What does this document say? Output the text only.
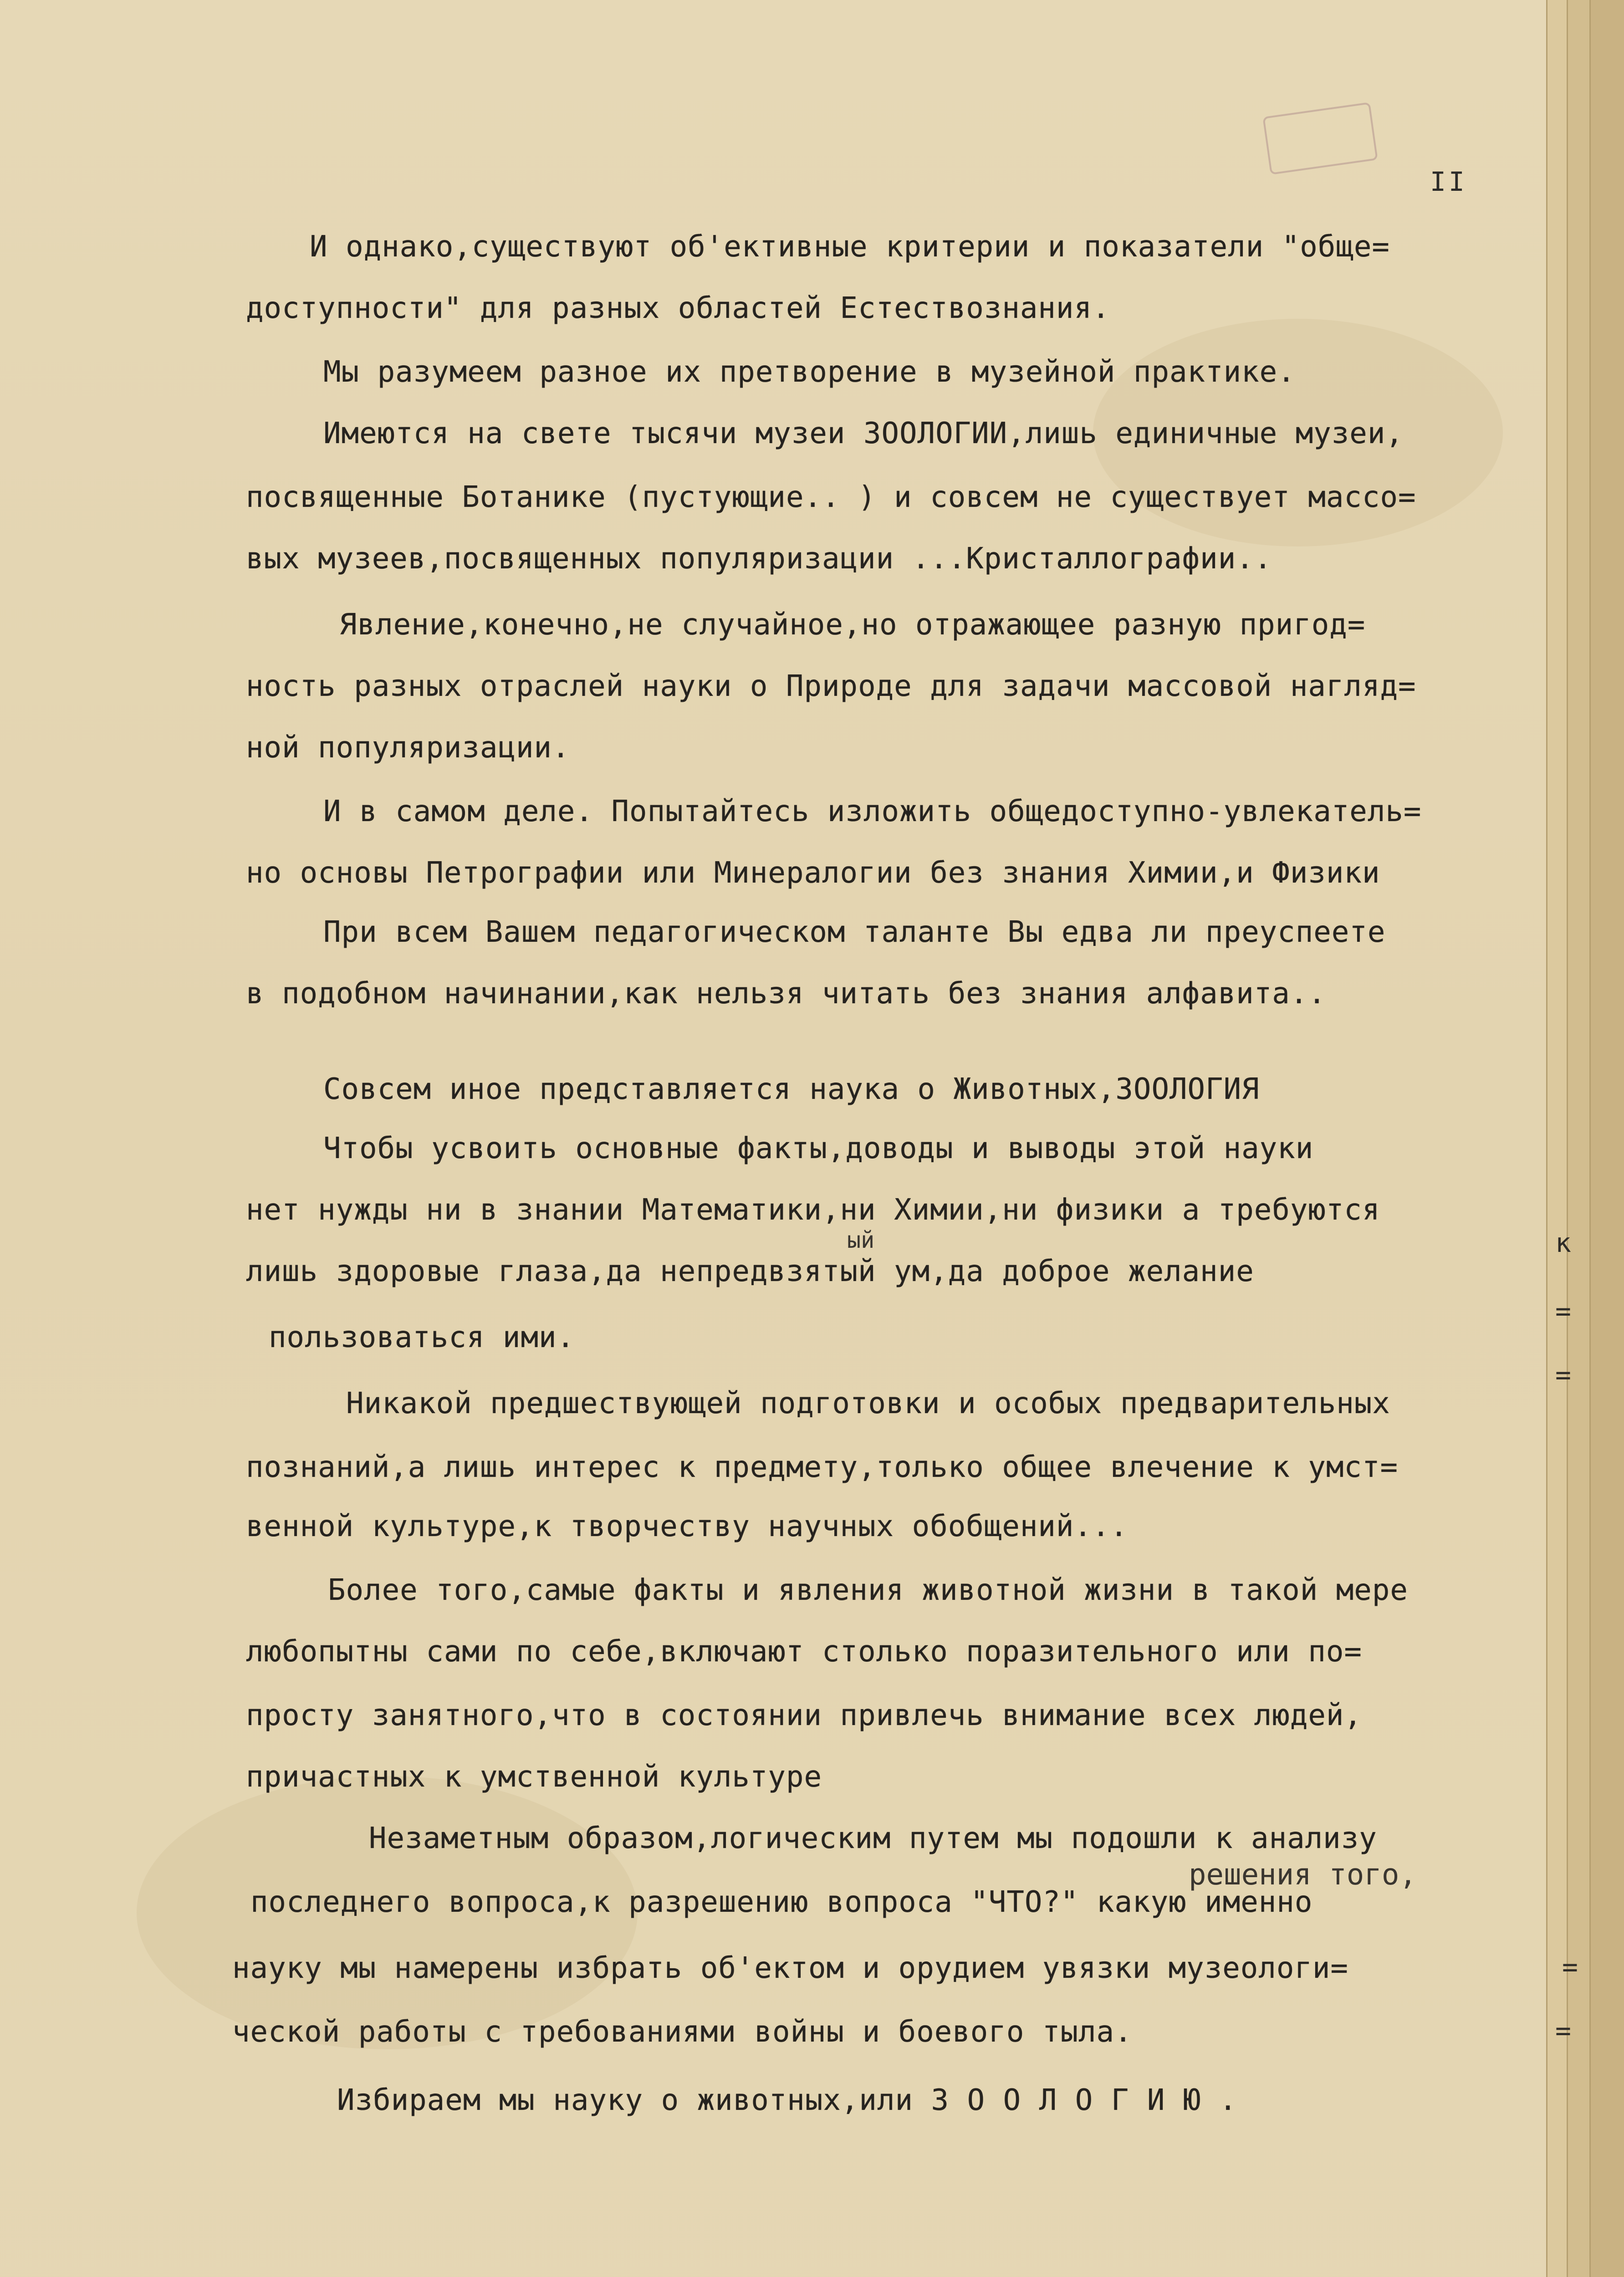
II
И однако,существуют об'ективные критерии и показатели "обще=
доступности" для разных областей Естествознания.
Мы разумеем разное их претворение в музейной практике.
Имеются на свете тысячи музеи ЗООЛОГИИ,лишь единичные музеи,
посвященные Ботанике (пустующие.. ) и совсем не существует массо=
вых музеев,посвященных популяризации ...Кристаллографии..
Явление,конечно,не случайное,но отражающее разную пригод=
ность разных отраслей науки о Природе для задачи массовой нагляд=
ной популяризации.
И в самом деле. Попытайтесь изложить общедоступно-увлекатель=
но основы Петрографии или Минералогии без знания Химии,и Физики
При всем Вашем педагогическом таланте Вы едва ли преуспеете
в подобном начинании,как нельзя читать без знания алфавита..
Совсем иное представляется наука о Животных,ЗООЛОГИЯ
Чтобы усвоить основные факты,доводы и выводы этой науки
нет нужды ни в знании Математики,ни Химии,ни физики а требуются
ый
лишь здоровые глаза,да непредвзятый ум,да доброе желание
пользоваться ими.
Никакой предшествующей подготовки и особых предварительных
познаний,а лишь интерес к предмету,только общее влечение к умст=
венной культуре,к творчеству научных обобщений...
Более того,самые факты и явления животной жизни в такой мере
любопытны сами по себе,включают столько поразительного или по=
просту занятного,что в состоянии привлечь внимание всех людей,
причастных к умственной культуре
Незаметным образом,логическим путем мы подошли к анализу
решения того,
последнего вопроса,к разрешению вопроса "ЧТО?" какую именно
науку мы намерены избрать об'ектом и орудием увязки музеологи=
ческой работы с требованиями войны и боевого тыла.
Избираем мы науку о животных,или З О О Л О Г И Ю .
к
=
=
=
=
